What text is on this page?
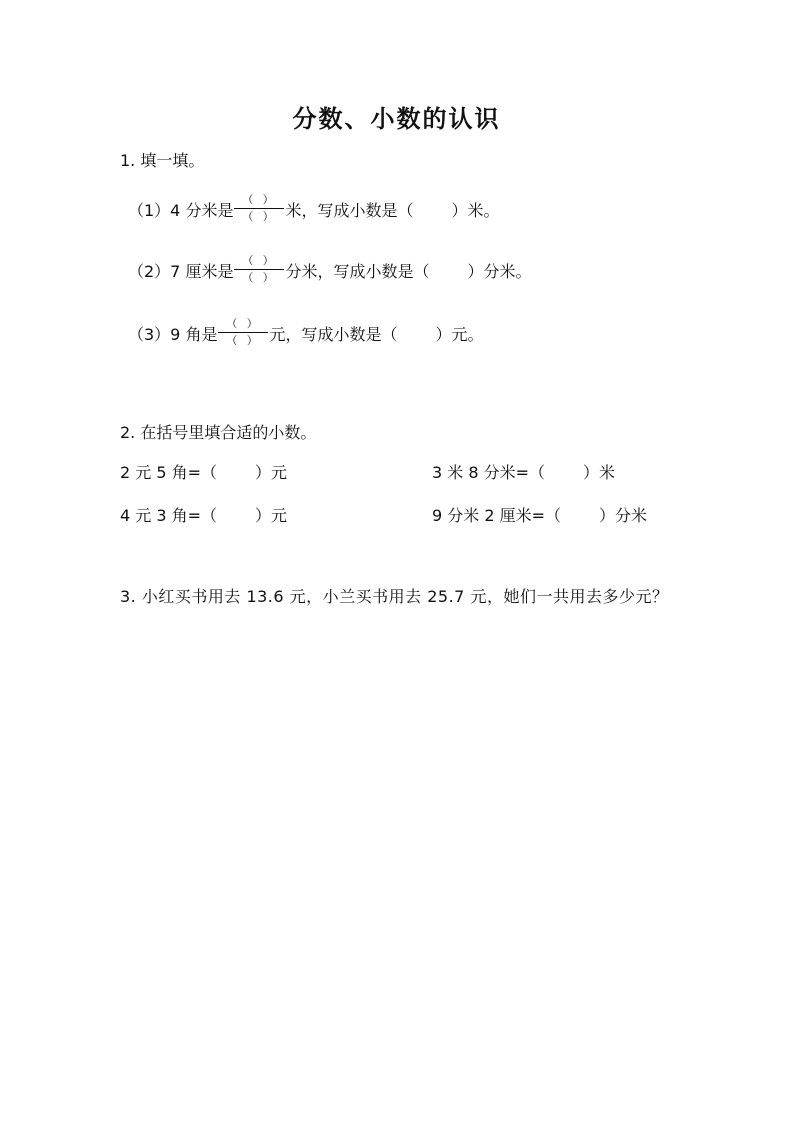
分数、小数的认识
1. 填一填。
（1）4 分米是 $\frac{( )}{( )}$ 米，写成小数是（ ）米。
（2）7 厘米是 $\frac{( )}{( )}$ 分米，写成小数是（ ）分米。
（3）9 角是 $\frac{( )}{( )}$ 元，写成小数是（ ）元。
2. 在括号里填合适的小数。
2 元 5 角=（ ）元
4 元 3 角=（ ）元
3 米 8 分米=（ ）米
9 分米 2 厘米=（ ）分米
3. 小红买书用去 13.6 元，小兰买书用去 25.7 元，她们一共用去多少元？
